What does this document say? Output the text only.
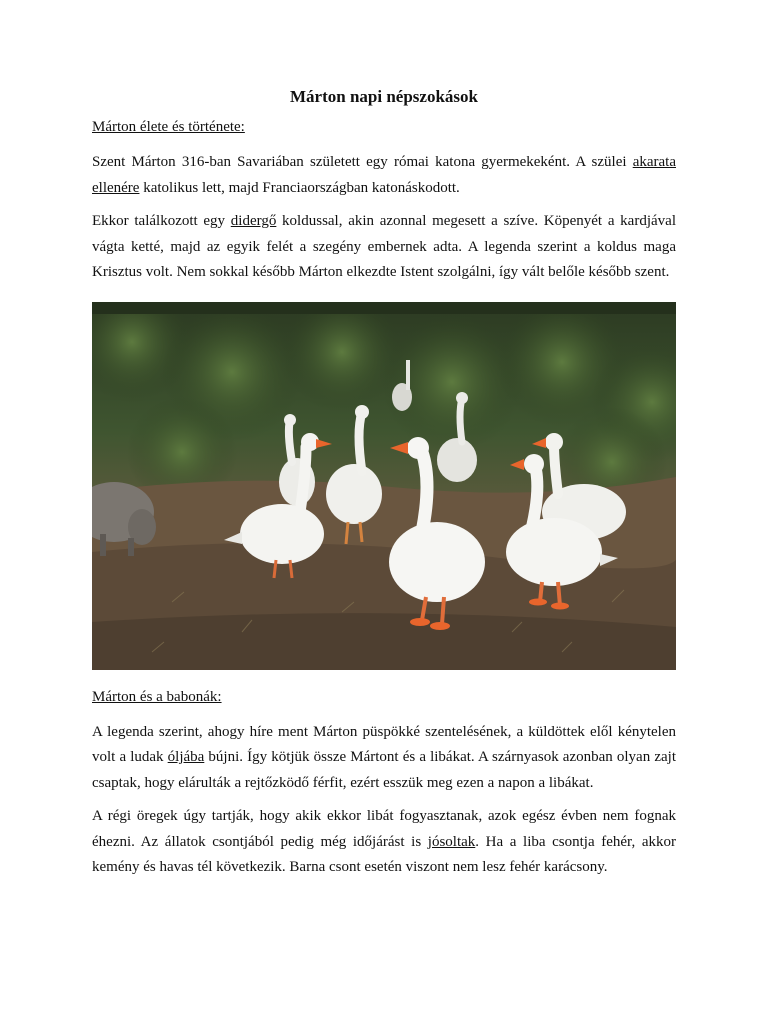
Márton napi népszokások
Márton élete és története:

Szent Márton 316-ban Savariában született egy római katona gyermekeként. A szülei akarata ellenére katolikus lett, majd Franciaországban katonáskodott.

Ekkor találkozott egy didergő koldussal, akin azonnal megesett a szíve. Köpenyét a kardjával vágta ketté, majd az egyik felét a szegény embernek adta. A legenda szerint a koldus maga Krisztus volt. Nem sokkal később Márton elkezdte Istent szolgálni, így vált belőle később szent.

Márton és a babonák:

A legenda szerint, ahogy híre ment Márton püspökké szentelésének, a küldöttek elől kénytelen volt a ludak óljába bújni. Így kötjük össze Mártont és a libákat. A szárnyasok azonban olyan zajt csaptak, hogy elárulták a rejtőzködő férfit, ezért esszük meg ezen a napon a libákat.

A régi öregek úgy tartják, hogy akik ekkor libát fogyasztanak, azok egész évben nem fognak éhezni. Az állatok csontjából pedig még időjárást is jósoltak. Ha a liba csontja fehér, akkor kemény és havas tél következik. Barna csont esetén viszont nem lesz fehér karácsony.
